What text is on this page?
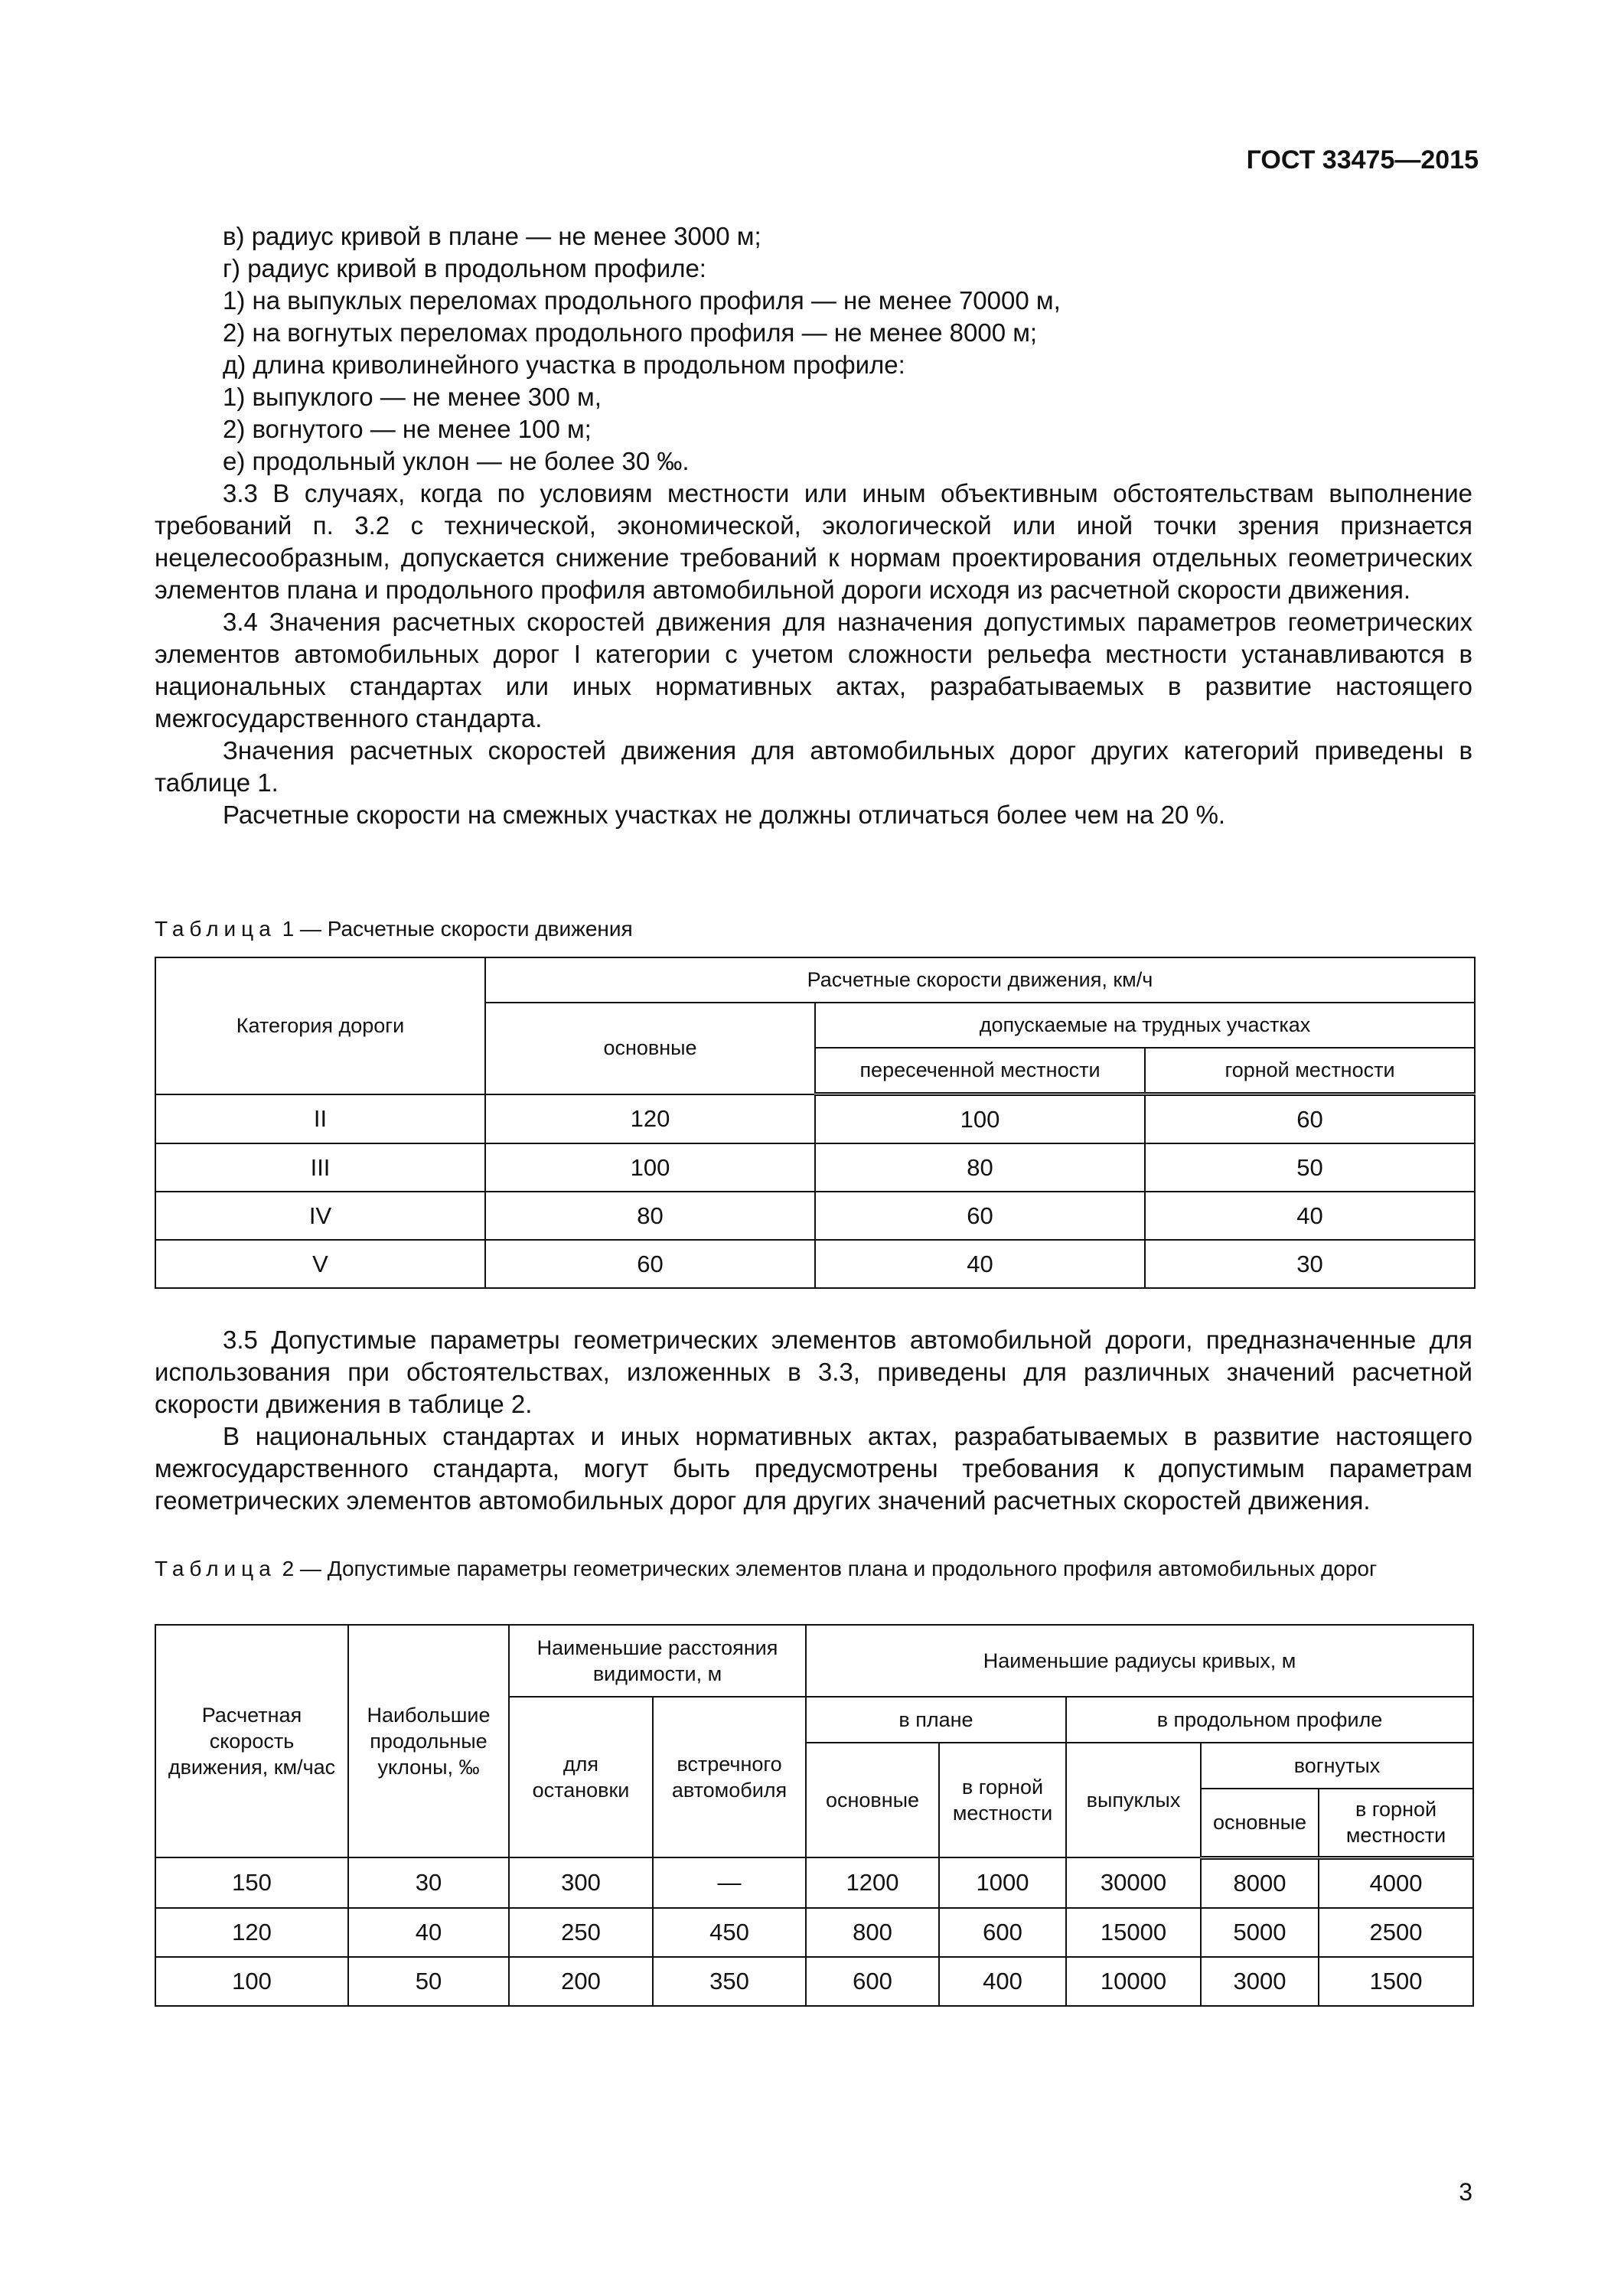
ГОСТ 33475—2015

в) радиус кривой в плане — не менее 3000 м;

г) радиус кривой в продольном профиле:

1) на выпуклых переломах продольного профиля — не менее 70000 м,

2) на вогнутых переломах продольного профиля — не менее 8000 м;

д) длина криволинейного участка в продольном профиле:

1) выпуклого — не менее 300 м,

2) вогнутого — не менее 100 м;

е) продольный уклон — не более 30 ‰.

3.3 В случаях, когда по условиям местности или иным объективным обстоятельствам выполнение требований п. 3.2 с технической, экономической, экологической или иной точки зрения признается нецелесообразным, допускается снижение требований к нормам проектирования отдельных геометрических элементов плана и продольного профиля автомобильной дороги исходя из расчетной скорости движения.

3.4 Значения расчетных скоростей движения для назначения допустимых параметров геометрических элементов автомобильных дорог I категории с учетом сложности рельефа местности устанавливаются в национальных стандартах или иных нормативных актах, разрабатываемых в развитие настоящего межгосударственного стандарта.

Значения расчетных скоростей движения для автомобильных дорог других категорий приведены в таблице 1.

Расчетные скорости на смежных участках не должны отличаться более чем на 20 %.

Таблица 1 — Расчетные скорости движения
Категория дороги	Расчетные скорости движения, км/ч		
	основные	допускаемые на трудных участках	
		пересеченной местности	горной местности
II	120	100	60
III	100	80	50
IV	80	60	40
V	60	40	30

3.5 Допустимые параметры геометрических элементов автомобильной дороги, предназначенные для использования при обстоятельствах, изложенных в 3.3, приведены для различных значений расчетной скорости движения в таблице 2.

В национальных стандартах и иных нормативных актах, разрабатываемых в развитие настоящего межгосударственного стандарта, могут быть предусмотрены требования к допустимым параметрам геометрических элементов автомобильных дорог для других значений расчетных скоростей движения.

Таблица 2 — Допустимые параметры геометрических элементов плана и продольного профиля автомобильных дорог
Расчетная скорость движения, км/час	Наибольшие продольные уклоны, ‰	Наименьшие расстояния видимости, м		Наименьшие радиусы кривых, м				
		для остановки	встречного автомобиля	в плане		в продольном профиле		
				основные	в горной местности	выпуклых	вогнутых	
							основные	в горной местности
150	30	300	—	1200	1000	30000	8000	4000
120	40	250	450	800	600	15000	5000	2500
100	50	200	350	600	400	10000	3000	1500
3
